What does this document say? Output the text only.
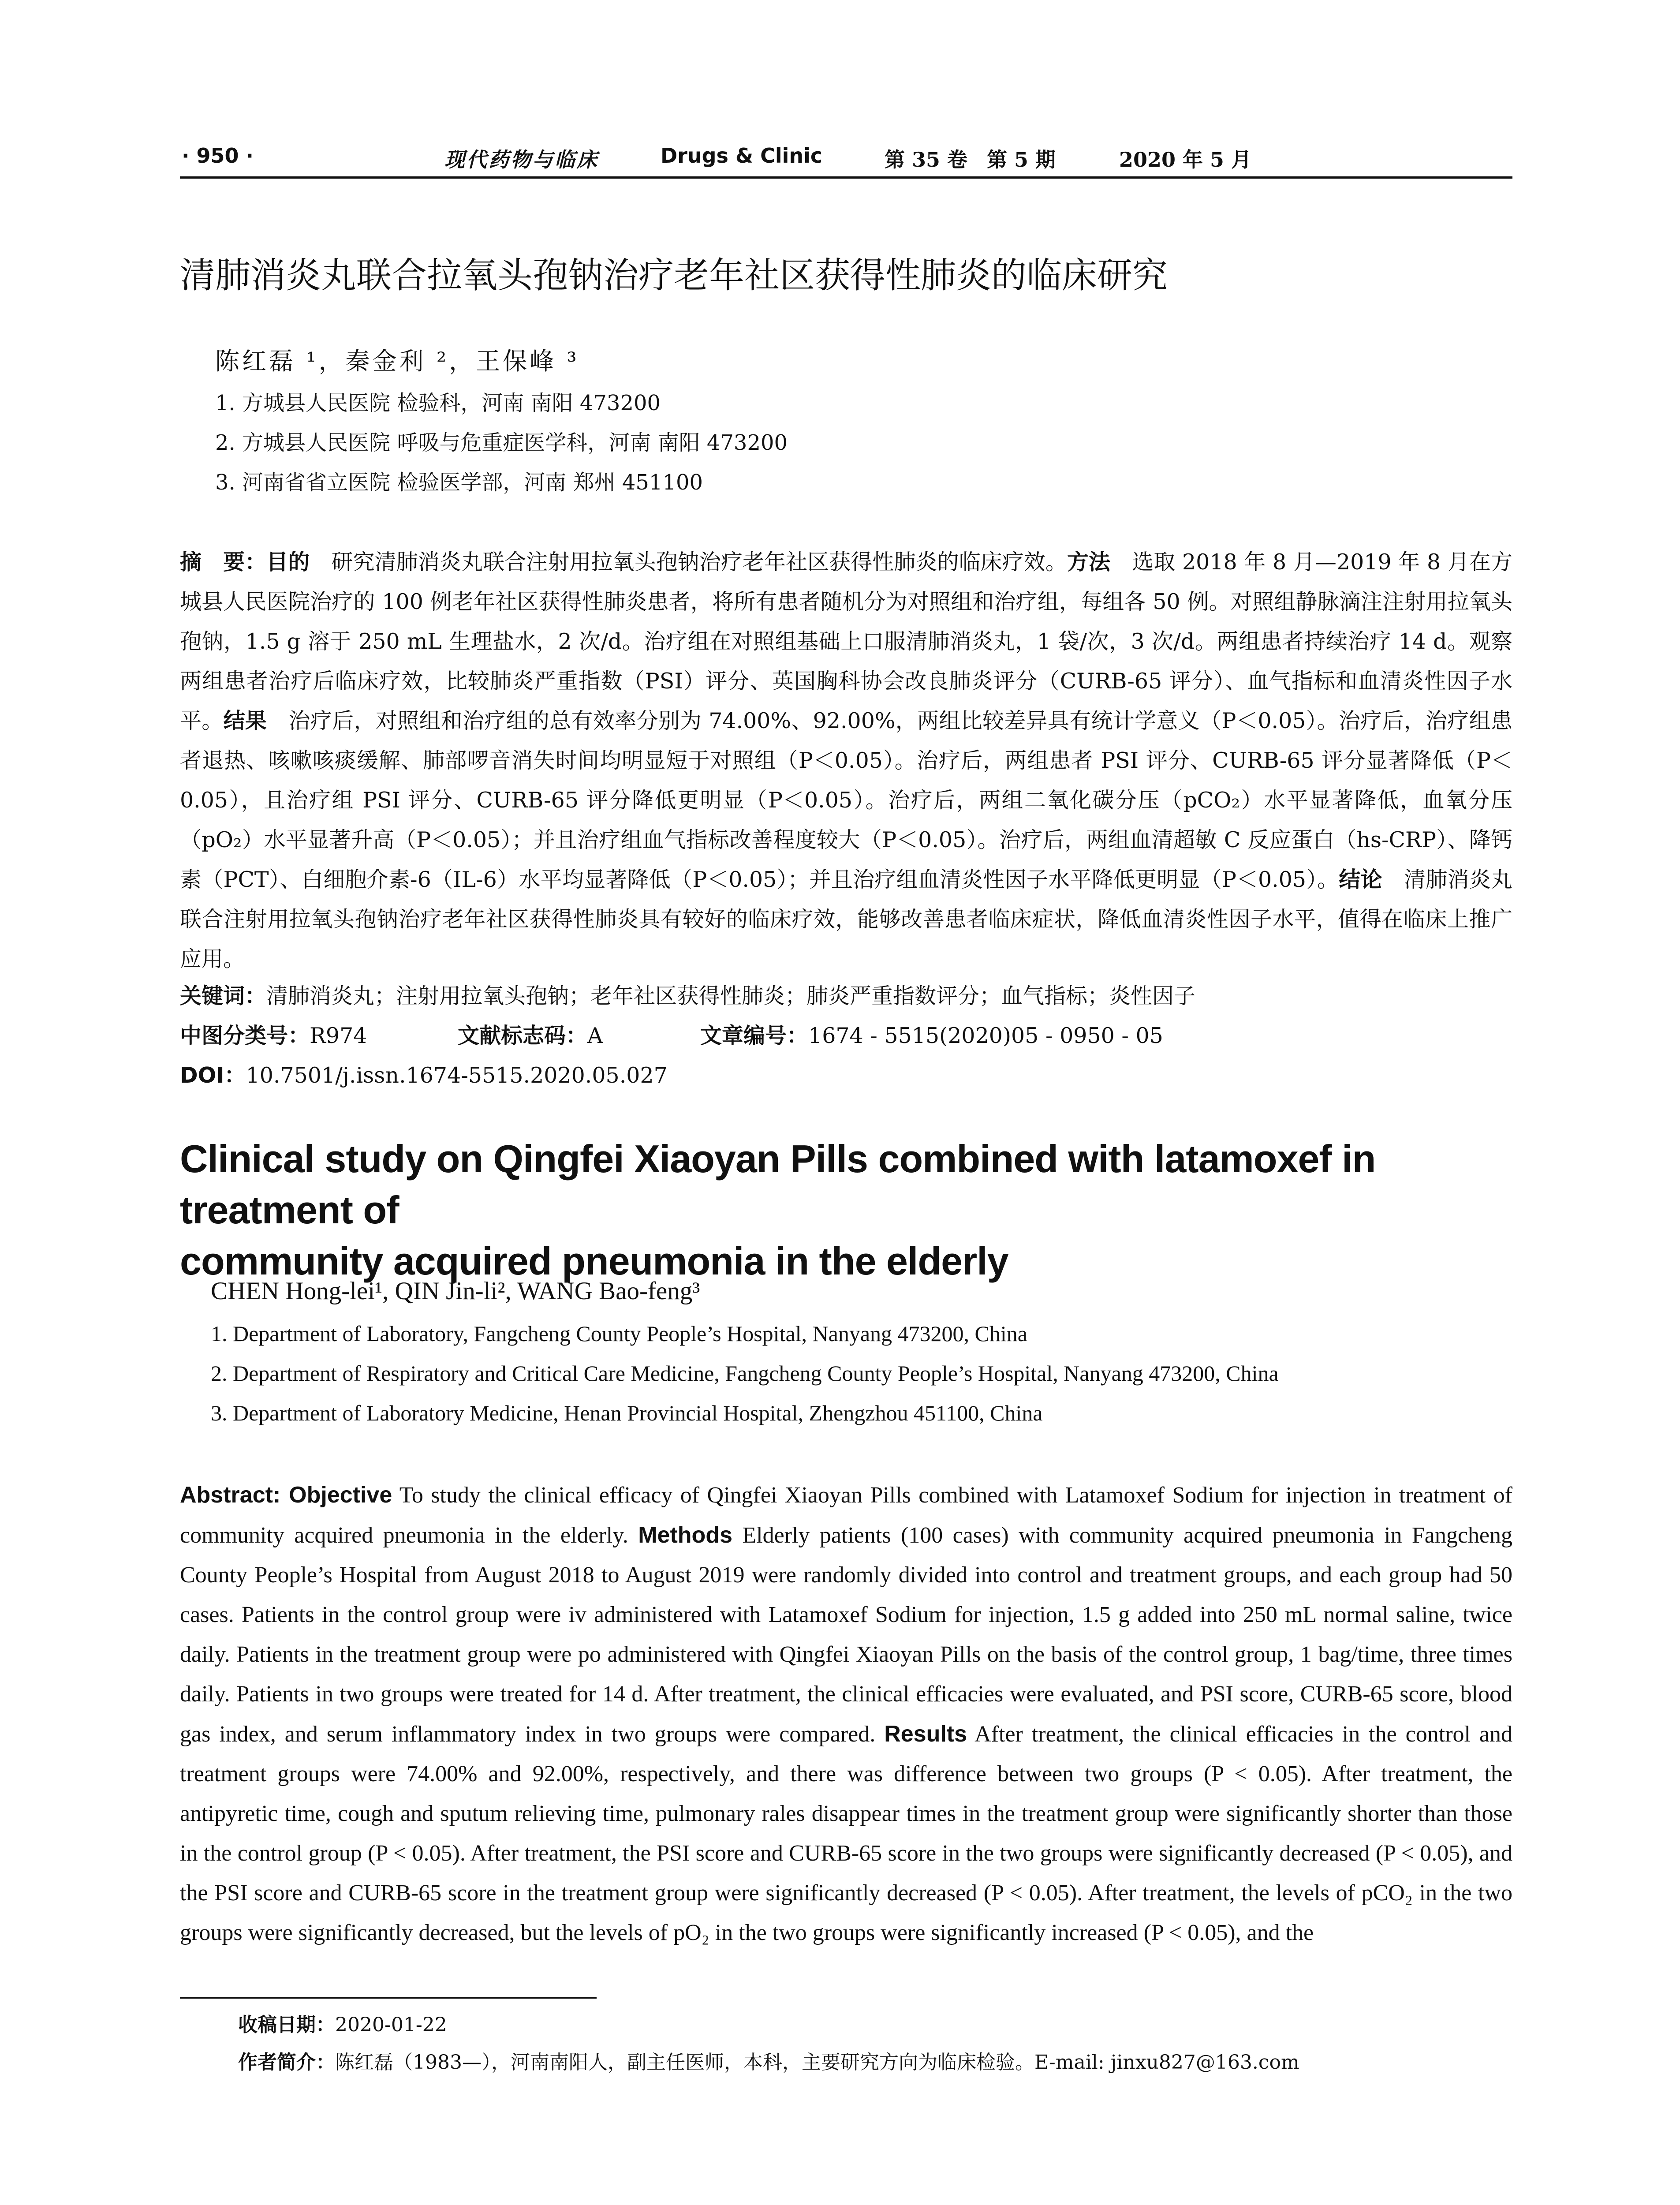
· 950 ·	现代药物与临床	Drugs & Clinic	第 35 卷 第 5 期	2020 年 5 月
清肺消炎丸联合拉氧头孢钠治疗老年社区获得性肺炎的临床研究
陈红磊 ¹，秦金利 ²，王保峰 ³
1. 方城县人民医院 检验科，河南 南阳 473200
2. 方城县人民医院 呼吸与危重症医学科，河南 南阳 473200
3. 河南省省立医院 检验医学部，河南 郑州 451100
摘　要：目的　研究清肺消炎丸联合注射用拉氧头孢钠治疗老年社区获得性肺炎的临床疗效。方法　选取 2018 年 8 月—2019 年 8 月在方城县人民医院治疗的 100 例老年社区获得性肺炎患者，将所有患者随机分为对照组和治疗组，每组各 50 例。对照组静脉滴注注射用拉氧头孢钠，1.5 g 溶于 250 mL 生理盐水，2 次/d。治疗组在对照组基础上口服清肺消炎丸，1 袋/次，3 次/d。两组患者持续治疗 14 d。观察两组患者治疗后临床疗效，比较肺炎严重指数（PSI）评分、英国胸科协会改良肺炎评分（CURB-65 评分）、血气指标和血清炎性因子水平。结果　治疗后，对照组和治疗组的总有效率分别为 74.00%、92.00%，两组比较差异具有统计学意义（P＜0.05）。治疗后，治疗组患者退热、咳嗽咳痰缓解、肺部啰音消失时间均明显短于对照组（P＜0.05）。治疗后，两组患者 PSI 评分、CURB-65 评分显著降低（P＜0.05），且治疗组 PSI 评分、CURB-65 评分降低更明显（P＜0.05）。治疗后，两组二氧化碳分压（pCO₂）水平显著降低，血氧分压（pO₂）水平显著升高（P＜0.05）；并且治疗组血气指标改善程度较大（P＜0.05）。治疗后，两组血清超敏 C 反应蛋白（hs-CRP）、降钙素（PCT）、白细胞介素-6（IL-6）水平均显著降低（P＜0.05）；并且治疗组血清炎性因子水平降低更明显（P＜0.05）。结论　清肺消炎丸联合注射用拉氧头孢钠治疗老年社区获得性肺炎具有较好的临床疗效，能够改善患者临床症状，降低血清炎性因子水平，值得在临床上推广应用。
关键词：清肺消炎丸；注射用拉氧头孢钠；老年社区获得性肺炎；肺炎严重指数评分；血气指标；炎性因子
中图分类号：R974	文献标志码：A	文章编号：1674 - 5515(2020)05 - 0950 - 05
DOI：10.7501/j.issn.1674-5515.2020.05.027
Clinical study on Qingfei Xiaoyan Pills combined with latamoxef in treatment of
community acquired pneumonia in the elderly
CHEN Hong-lei¹, QIN Jin-li², WANG Bao-feng³
1. Department of Laboratory, Fangcheng County People’s Hospital, Nanyang 473200, China
2. Department of Respiratory and Critical Care Medicine, Fangcheng County People’s Hospital, Nanyang 473200, China
3. Department of Laboratory Medicine, Henan Provincial Hospital, Zhengzhou 451100, China
Abstract: Objective To study the clinical efficacy of Qingfei Xiaoyan Pills combined with Latamoxef Sodium for injection in treatment of community acquired pneumonia in the elderly. Methods Elderly patients (100 cases) with community acquired pneumonia in Fangcheng County People’s Hospital from August 2018 to August 2019 were randomly divided into control and treatment groups, and each group had 50 cases. Patients in the control group were iv administered with Latamoxef Sodium for injection, 1.5 g added into 250 mL normal saline, twice daily. Patients in the treatment group were po administered with Qingfei Xiaoyan Pills on the basis of the control group, 1 bag/time, three times daily. Patients in two groups were treated for 14 d. After treatment, the clinical efficacies were evaluated, and PSI score, CURB-65 score, blood gas index, and serum inflammatory index in two groups were compared. Results After treatment, the clinical efficacies in the control and treatment groups were 74.00% and 92.00%, respectively, and there was difference between two groups (P < 0.05). After treatment, the antipyretic time, cough and sputum relieving time, pulmonary rales disappear times in the treatment group were significantly shorter than those in the control group (P < 0.05). After treatment, the PSI score and CURB-65 score in the two groups were significantly decreased (P < 0.05), and the PSI score and CURB-65 score in the treatment group were significantly decreased (P < 0.05). After treatment, the levels of pCO₂ in the two groups were significantly decreased, but the levels of pO₂ in the two groups were significantly increased (P < 0.05), and the
收稿日期：2020-01-22
作者简介：陈红磊（1983—），河南南阳人，副主任医师，本科，主要研究方向为临床检验。E-mail: jinxu827@163.com
